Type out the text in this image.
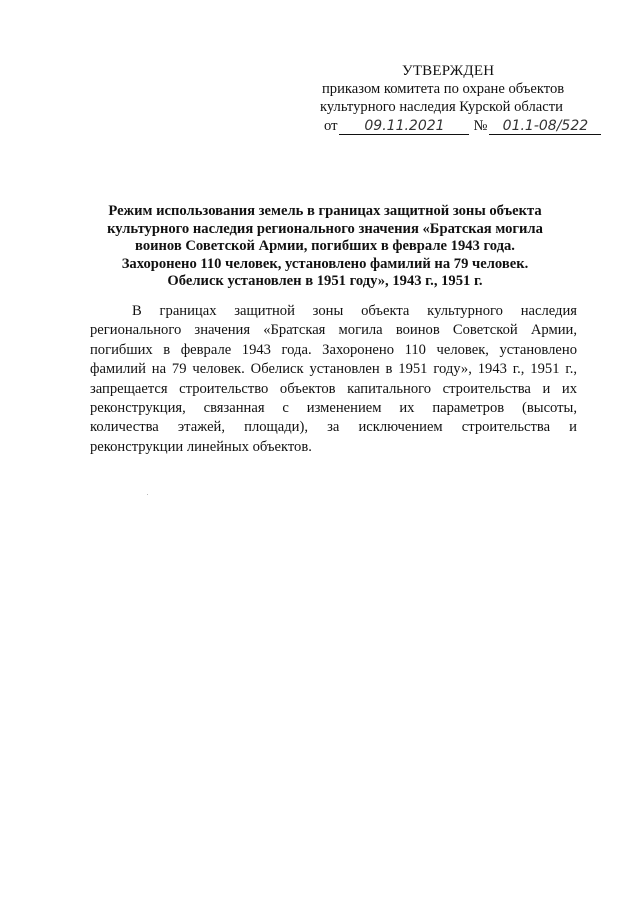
УТВЕРЖДЕН
приказом комитета по охране объектов
культурного наследия Курской области
от 09.11.2021 № 01.1-08/522
Режим использования земель в границах защитной зоны объекта
культурного наследия регионального значения «Братская могила
воинов Советской Армии, погибших в феврале 1943 года.
Захоронено 110 человек, установлено фамилий на 79 человек.
Обелиск установлен в 1951 году», 1943 г., 1951 г.
В границах защитной зоны объекта культурного наследия
регионального значения «Братская могила воинов Советской Армии,
погибших в феврале 1943 года. Захоронено 110 человек, установлено
фамилий на 79 человек. Обелиск установлен в 1951 году», 1943 г., 1951 г.,
запрещается строительство объектов капитального строительства и их
реконструкция, связанная с изменением их параметров (высоты,
количества этажей, площади), за исключением строительства и
реконструкции линейных объектов.
